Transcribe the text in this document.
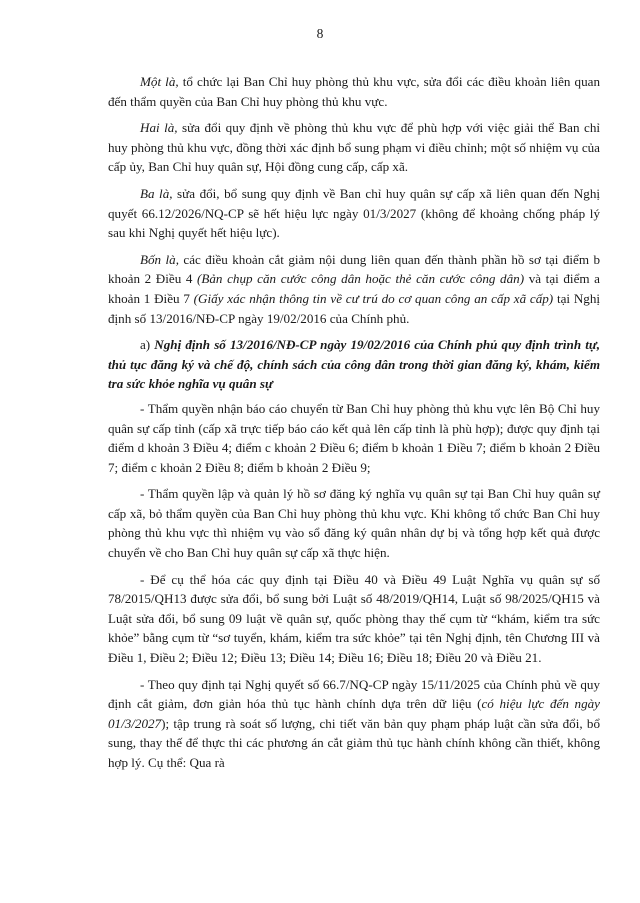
8

Một là, tổ chức lại Ban Chỉ huy phòng thủ khu vực, sửa đổi các điều khoản liên quan đến thẩm quyền của Ban Chỉ huy phòng thủ khu vực.

Hai là, sửa đổi quy định về phòng thủ khu vực để phù hợp với việc giải thể Ban chỉ huy phòng thủ khu vực, đồng thời xác định bổ sung phạm vi điều chỉnh; một số nhiệm vụ của cấp ủy, Ban Chỉ huy quân sự, Hội đồng cung cấp, cấp xã.

Ba là, sửa đổi, bổ sung quy định về Ban chỉ huy quân sự cấp xã liên quan đến Nghị quyết 66.12/2026/NQ-CP sẽ hết hiệu lực ngày 01/3/2027 (không để khoảng chống pháp lý sau khi Nghị quyết hết hiệu lực).

Bốn là, các điều khoản cắt giảm nội dung liên quan đến thành phần hồ sơ tại điểm b khoản 2 Điều 4 (Bản chụp căn cước công dân hoặc thẻ căn cước công dân) và tại điểm a khoản 1 Điều 7 (Giấy xác nhận thông tin về cư trú do cơ quan công an cấp xã cấp) tại Nghị định số 13/2016/NĐ-CP ngày 19/02/2016 của Chính phủ.

a) Nghị định số 13/2016/NĐ-CP ngày 19/02/2016 của Chính phủ quy định trình tự, thủ tục đăng ký và chế độ, chính sách của công dân trong thời gian đăng ký, khám, kiểm tra sức khỏe nghĩa vụ quân sự

- Thẩm quyền nhận báo cáo chuyển từ Ban Chỉ huy phòng thủ khu vực lên Bộ Chỉ huy quân sự cấp tỉnh (cấp xã trực tiếp báo cáo kết quả lên cấp tỉnh là phù hợp); được quy định tại điểm d khoản 3 Điều 4; điểm c khoản 2 Điều 6; điểm b khoản 1 Điều 7; điểm b khoản 2 Điều 7; điểm c khoản 2 Điều 8; điểm b khoản 2 Điều 9;

- Thẩm quyền lập và quản lý hồ sơ đăng ký nghĩa vụ quân sự tại Ban Chỉ huy quân sự cấp xã, bỏ thẩm quyền của Ban Chỉ huy phòng thủ khu vực. Khi không tổ chức Ban Chỉ huy phòng thủ khu vực thì nhiệm vụ vào sổ đăng ký quân nhân dự bị và tổng hợp kết quả được chuyển về cho Ban Chỉ huy quân sự cấp xã thực hiện.

- Để cụ thể hóa các quy định tại Điều 40 và Điều 49 Luật Nghĩa vụ quân sự số 78/2015/QH13 được sửa đổi, bổ sung bởi Luật số 48/2019/QH14, Luật số 98/2025/QH15 và Luật sửa đổi, bổ sung 09 luật về quân sự, quốc phòng thay thế cụm từ “khám, kiểm tra sức khỏe” bằng cụm từ “sơ tuyển, khám, kiểm tra sức khỏe” tại tên Nghị định, tên Chương III và Điều 1, Điều 2; Điều 12; Điều 13; Điều 14; Điều 16; Điều 18; Điều 20 và Điều 21.

- Theo quy định tại Nghị quyết số 66.7/NQ-CP ngày 15/11/2025 của Chính phủ về quy định cắt giảm, đơn giản hóa thủ tục hành chính dựa trên dữ liệu (có hiệu lực đến ngày 01/3/2027); tập trung rà soát số lượng, chi tiết văn bản quy phạm pháp luật cần sửa đổi, bổ sung, thay thế để thực thi các phương án cắt giảm thủ tục hành chính không cần thiết, không hợp lý. Cụ thể: Qua rà
